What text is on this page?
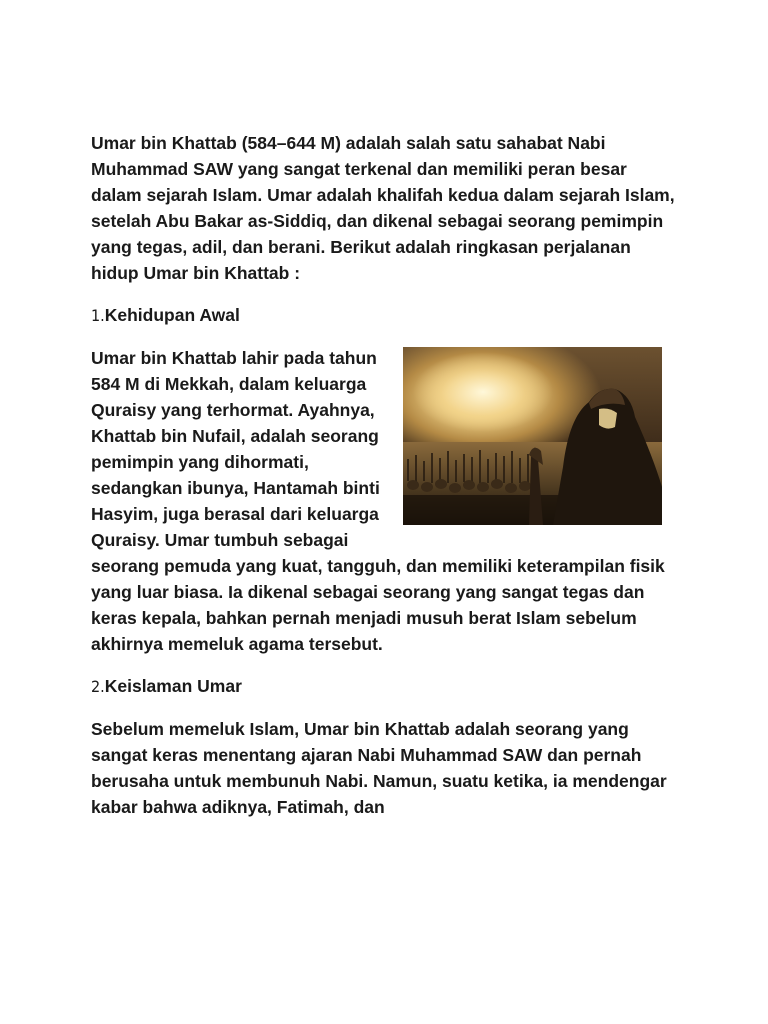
Umar bin Khattab (584–644 M) adalah salah satu sahabat Nabi Muhammad SAW yang sangat terkenal dan memiliki peran besar dalam sejarah Islam. Umar adalah khalifah kedua dalam sejarah Islam, setelah Abu Bakar as-Siddiq, dan dikenal sebagai seorang pemimpin yang tegas, adil, dan berani. Berikut adalah ringkasan perjalanan hidup Umar bin Khattab :

1.Kehidupan Awal

Umar bin Khattab lahir pada tahun 584 M di Mekkah, dalam keluarga Quraisy yang terhormat. Ayahnya, Khattab bin Nufail, adalah seorang pemimpin yang dihormati, sedangkan ibunya, Hantamah binti Hasyim, juga berasal dari keluarga Quraisy. Umar tumbuh sebagai seorang pemuda yang kuat, tangguh, dan memiliki keterampilan fisik yang luar biasa. Ia dikenal sebagai seorang yang sangat tegas dan keras kepala, bahkan pernah menjadi musuh berat Islam sebelum akhirnya memeluk agama tersebut.

2.Keislaman Umar

Sebelum memeluk Islam, Umar bin Khattab adalah seorang yang sangat keras menentang ajaran Nabi Muhammad SAW dan pernah berusaha untuk membunuh Nabi. Namun, suatu ketika, ia mendengar kabar bahwa adiknya, Fatimah, dan
